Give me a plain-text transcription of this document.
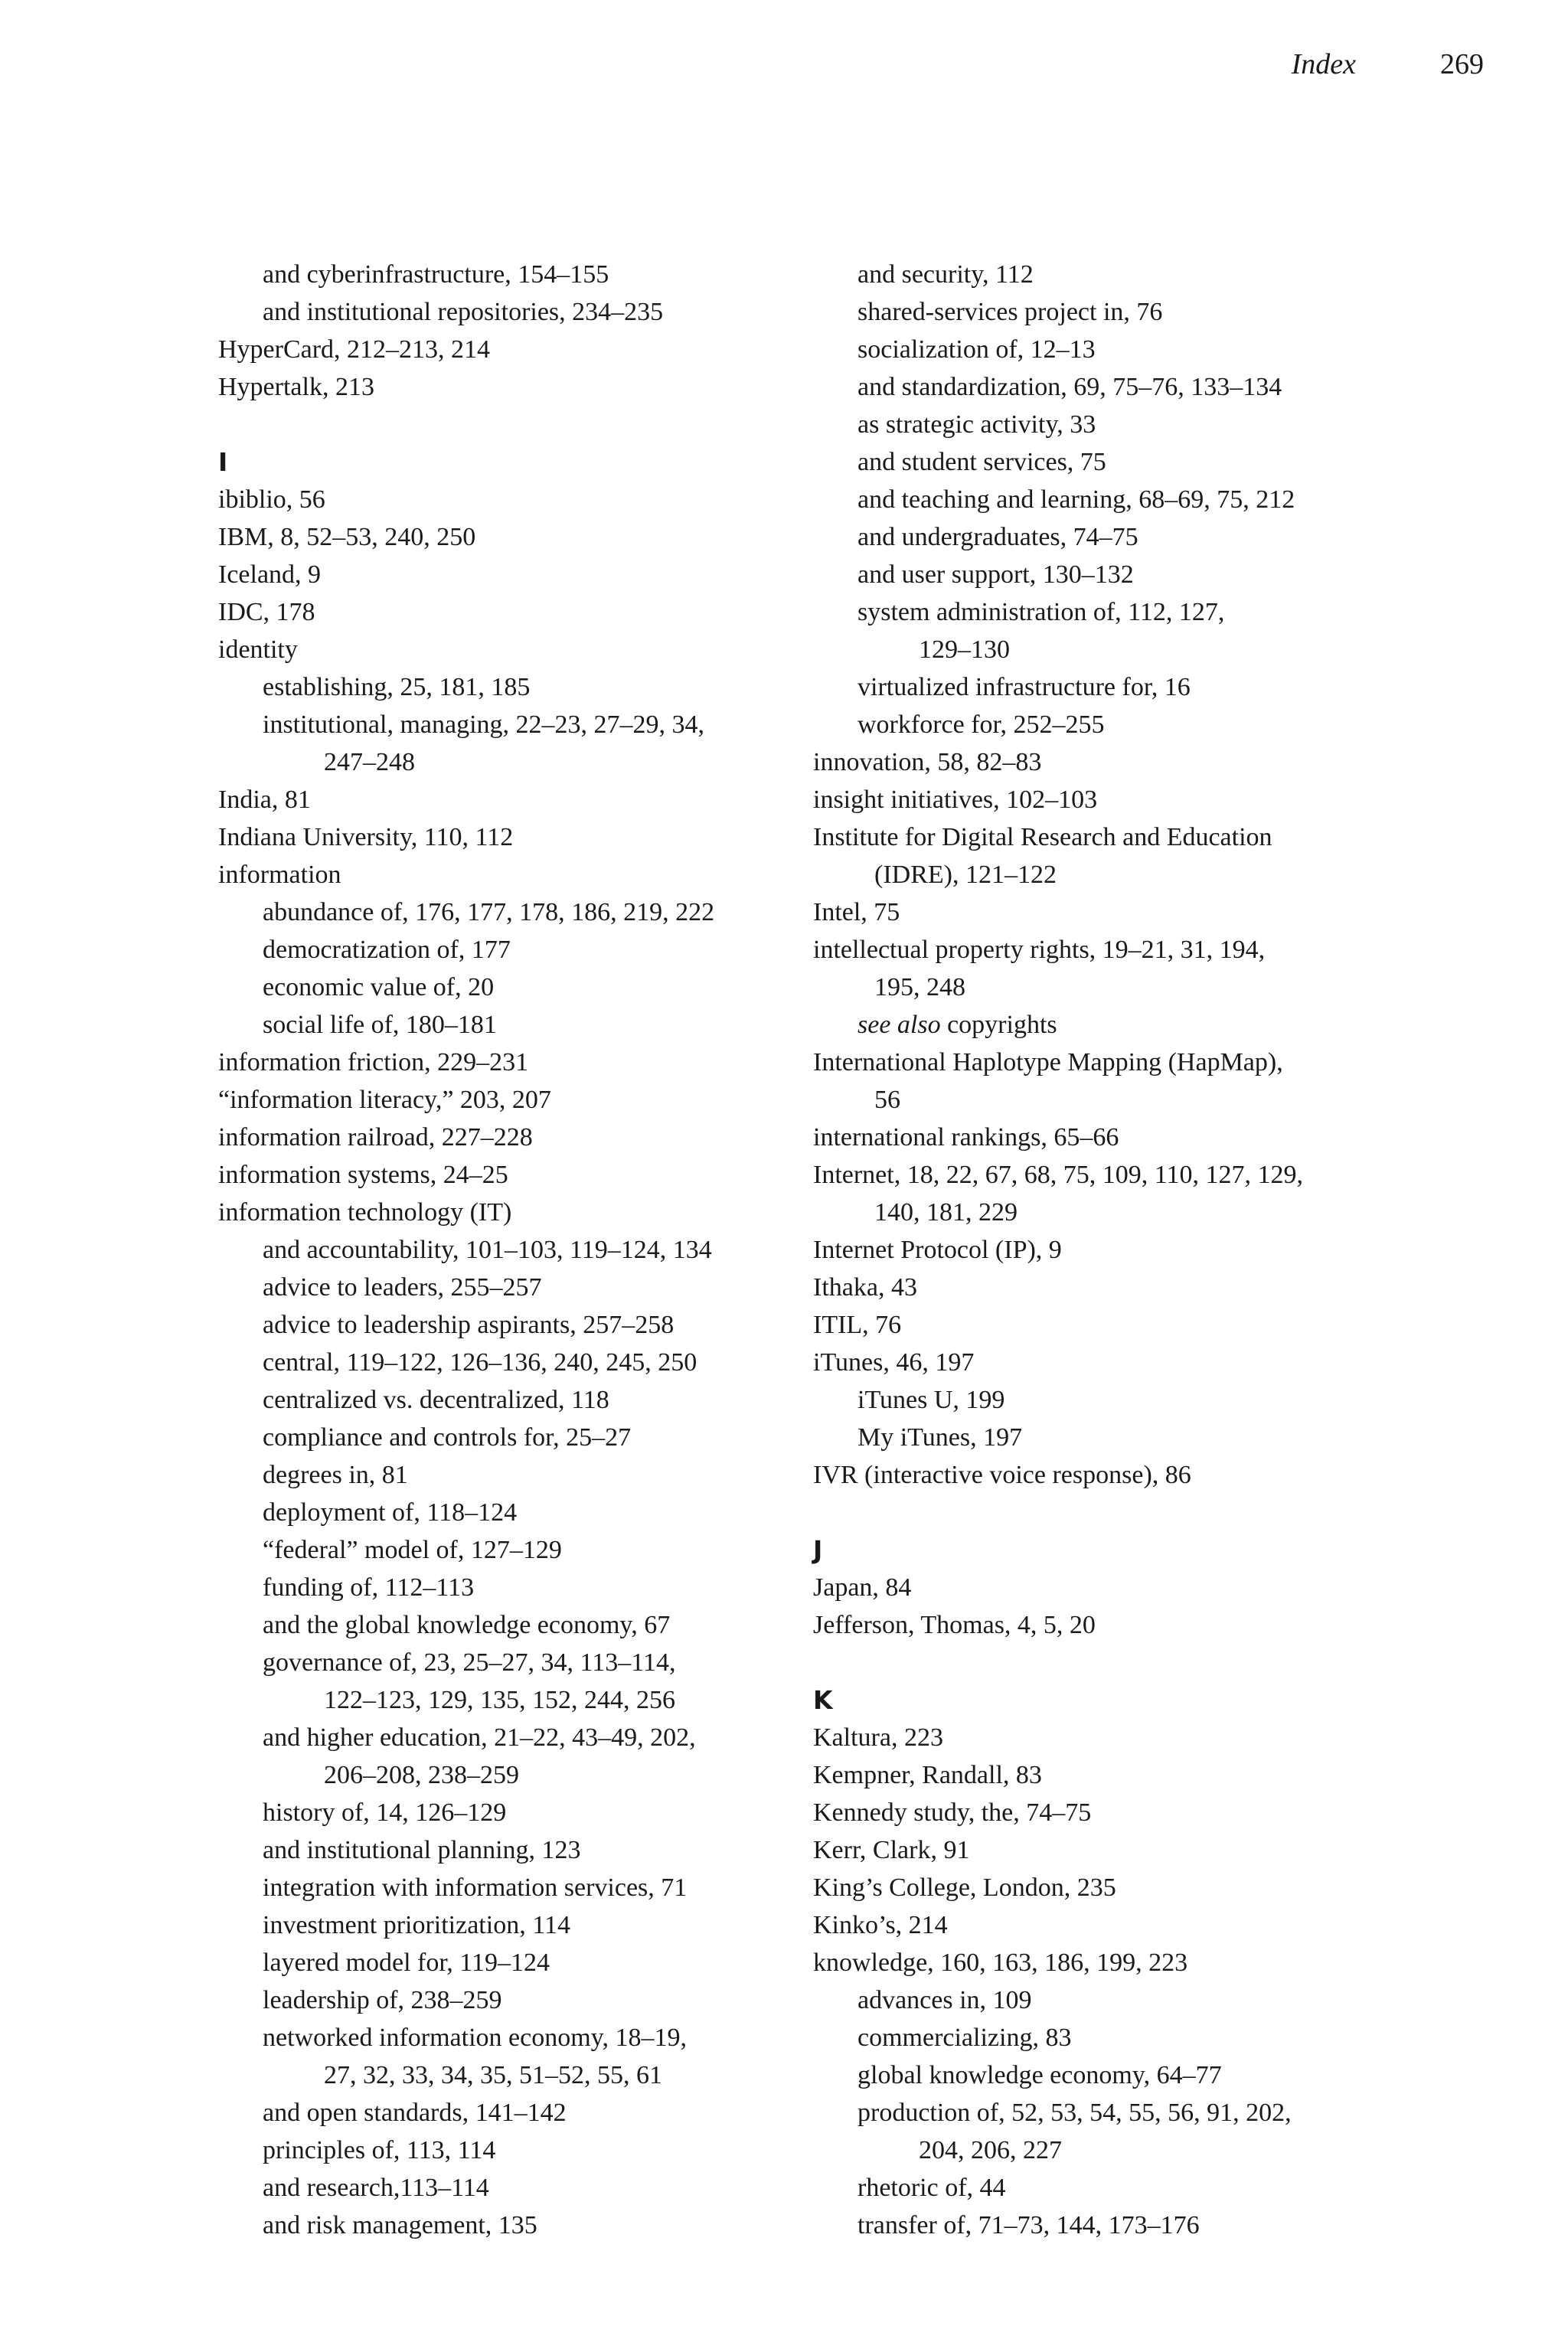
Index	269
and cyberinfrastructure, 154–155
and institutional repositories, 234–235
HyperCard, 212–213, 214
Hypertalk, 213
I
ibiblio, 56
IBM, 8, 52–53, 240, 250
Iceland, 9
IDC, 178
identity
establishing, 25, 181, 185
institutional, managing, 22–23, 27–29, 34,
247–248
India, 81
Indiana University, 110, 112
information
abundance of, 176, 177, 178, 186, 219, 222
democratization of, 177
economic value of, 20
social life of, 180–181
information friction, 229–231
“information literacy,” 203, 207
information railroad, 227–228
information systems, 24–25
information technology (IT)
and accountability, 101–103, 119–124, 134
advice to leaders, 255–257
advice to leadership aspirants, 257–258
central, 119–122, 126–136, 240, 245, 250
centralized vs. decentralized, 118
compliance and controls for, 25–27
degrees in, 81
deployment of, 118–124
“federal” model of, 127–129
funding of, 112–113
and the global knowledge economy, 67
governance of, 23, 25–27, 34, 113–114,
122–123, 129, 135, 152, 244, 256
and higher education, 21–22, 43–49, 202,
206–208, 238–259
history of, 14, 126–129
and institutional planning, 123
integration with information services, 71
investment prioritization, 114
layered model for, 119–124
leadership of, 238–259
networked information economy, 18–19,
27, 32, 33, 34, 35, 51–52, 55, 61
and open standards, 141–142
principles of, 113, 114
and research,113–114
and risk management, 135
and security, 112
shared-services project in, 76
socialization of, 12–13
and standardization, 69, 75–76, 133–134
as strategic activity, 33
and student services, 75
and teaching and learning, 68–69, 75, 212
and undergraduates, 74–75
and user support, 130–132
system administration of, 112, 127,
129–130
virtualized infrastructure for, 16
workforce for, 252–255
innovation, 58, 82–83
insight initiatives, 102–103
Institute for Digital Research and Education
(IDRE), 121–122
Intel, 75
intellectual property rights, 19–21, 31, 194,
195, 248
see also copyrights
International Haplotype Mapping (HapMap),
56
international rankings, 65–66
Internet, 18, 22, 67, 68, 75, 109, 110, 127, 129,
140, 181, 229
Internet Protocol (IP), 9
Ithaka, 43
ITIL, 76
iTunes, 46, 197
iTunes U, 199
My iTunes, 197
IVR (interactive voice response), 86
J
Japan, 84
Jefferson, Thomas, 4, 5, 20
K
Kaltura, 223
Kempner, Randall, 83
Kennedy study, the, 74–75
Kerr, Clark, 91
King’s College, London, 235
Kinko’s, 214
knowledge, 160, 163, 186, 199, 223
advances in, 109
commercializing, 83
global knowledge economy, 64–77
production of, 52, 53, 54, 55, 56, 91, 202,
204, 206, 227
rhetoric of, 44
transfer of, 71–73, 144, 173–176
